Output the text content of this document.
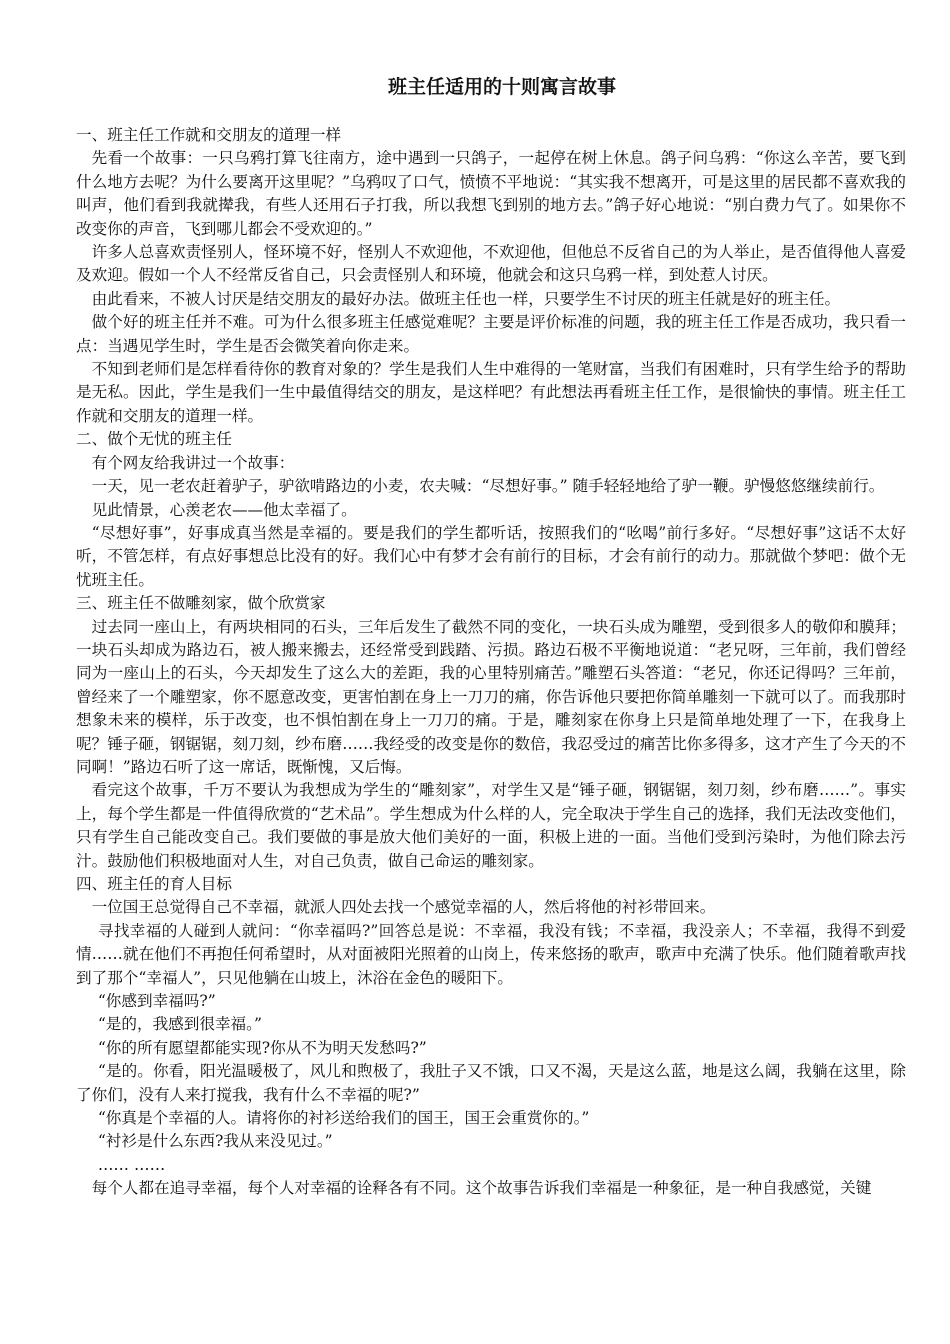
班主任适用的十则寓言故事

一、班主任工作就和交朋友的道理一样

先看一个故事：一只乌鸦打算飞往南方，途中遇到一只鸽子，一起停在树上休息。鸽子问乌鸦：“你这么辛苦，要飞到什么地方去呢？为什么要离开这里呢？”乌鸦叹了口气，愤愤不平地说：“其实我不想离开，可是这里的居民都不喜欢我的叫声，他们看到我就撵我，有些人还用石子打我，所以我想飞到别的地方去。”鸽子好心地说：“别白费力气了。如果你不改变你的声音，飞到哪儿都会不受欢迎的。”

许多人总喜欢责怪别人，怪环境不好，怪别人不欢迎他，不欢迎他，但他总不反省自己的为人举止，是否值得他人喜爱及欢迎。假如一个人不经常反省自己，只会责怪别人和环境，他就会和这只乌鸦一样，到处惹人讨厌。

由此看来，不被人讨厌是结交朋友的最好办法。做班主任也一样，只要学生不讨厌的班主任就是好的班主任。

做个好的班主任并不难。可为什么很多班主任感觉难呢？主要是评价标准的问题，我的班主任工作是否成功，我只看一点：当遇见学生时，学生是否会微笑着向你走来。

不知到老师们是怎样看待你的教育对象的？学生是我们人生中难得的一笔财富，当我们有困难时，只有学生给予的帮助是无私。因此，学生是我们一生中最值得结交的朋友，是这样吧？有此想法再看班主任工作，是很愉快的事情。班主任工作就和交朋友的道理一样。

二、做个无忧的班主任

有个网友给我讲过一个故事：

一天，见一老农赶着驴子，驴欲啃路边的小麦，农夫喊：“尽想好事。” 随手轻轻地给了驴一鞭。驴慢悠悠继续前行。

见此情景，心羡老农——他太幸福了。

“尽想好事”，好事成真当然是幸福的。要是我们的学生都听话，按照我们的“吆喝”前行多好。“尽想好事”这话不太好听，不管怎样，有点好事想总比没有的好。我们心中有梦才会有前行的目标，才会有前行的动力。那就做个梦吧：做个无忧班主任。

三、班主任不做雕刻家，做个欣赏家

过去同一座山上，有两块相同的石头，三年后发生了截然不同的变化，一块石头成为雕塑，受到很多人的敬仰和膜拜；一块石头却成为路边石，被人搬来搬去，还经常受到践踏、污损。路边石极不平衡地说道：“老兄呀，三年前，我们曾经同为一座山上的石头，今天却发生了这么大的差距，我的心里特别痛苦。”雕塑石头答道：“老兄，你还记得吗？三年前，曾经来了一个雕塑家，你不愿意改变，更害怕割在身上一刀刀的痛，你告诉他只要把你简单雕刻一下就可以了。而我那时想象未来的模样，乐于改变，也不惧怕割在身上一刀刀的痛。于是，雕刻家在你身上只是简单地处理了一下，在我身上呢？锤子砸，钢锯锯，刻刀刻，纱布磨……我经受的改变是你的数倍，我忍受过的痛苦比你多得多，这才产生了今天的不同啊！”路边石听了这一席话，既惭愧，又后悔。

看完这个故事，千万不要认为我想成为学生的“雕刻家”，对学生又是“锤子砸，钢锯锯，刻刀刻，纱布磨……”。事实上，每个学生都是一件值得欣赏的“艺术品”。学生想成为什么样的人，完全取决于学生自己的选择，我们无法改变他们，只有学生自己能改变自己。我们要做的事是放大他们美好的一面，积极上进的一面。当他们受到污染时，为他们除去污汁。鼓励他们积极地面对人生，对自己负责，做自己命运的雕刻家。

四、班主任的育人目标

一位国王总觉得自己不幸福，就派人四处去找一个感觉幸福的人，然后将他的衬衫带回来。

寻找幸福的人碰到人就问：“你幸福吗?”回答总是说：不幸福，我没有钱；不幸福，我没亲人；不幸福，我得不到爱情……就在他们不再抱任何希望时，从对面被阳光照着的山岗上，传来悠扬的歌声，歌声中充满了快乐。他们随着歌声找到了那个“幸福人”，只见他躺在山坡上，沐浴在金色的暖阳下。

“你感到幸福吗?”

“是的，我感到很幸福。”

“你的所有愿望都能实现?你从不为明天发愁吗?”

“是的。你看，阳光温暖极了，风儿和煦极了，我肚子又不饿，口又不渴，天是这么蓝，地是这么阔，我躺在这里，除了你们，没有人来打搅我，我有什么不幸福的呢?”

“你真是个幸福的人。请将你的衬衫送给我们的国王，国王会重赏你的。”

“衬衫是什么东西?我从来没见过。”

…… ……

每个人都在追寻幸福，每个人对幸福的诠释各有不同。这个故事告诉我们幸福是一种象征，是一种自我感觉，关键
